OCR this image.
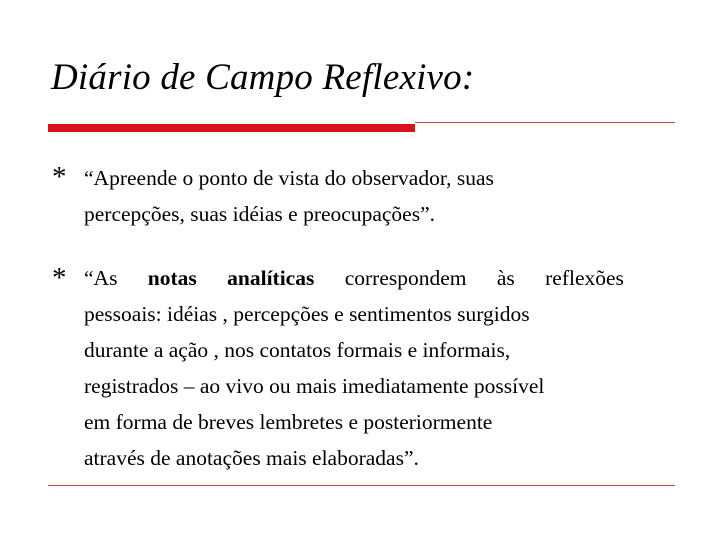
Diário de Campo Reflexivo:
* “Apreende o ponto de vista do observador, suas
percepções, suas idéias e preocupações”.
* “As notas analíticas correspondem às reflexões
pessoais: idéias , percepções e sentimentos surgidos
durante a ação , nos contatos formais e informais,
registrados – ao vivo ou mais imediatamente possível
em forma de breves lembretes e posteriormente
através de anotações mais elaboradas”.
